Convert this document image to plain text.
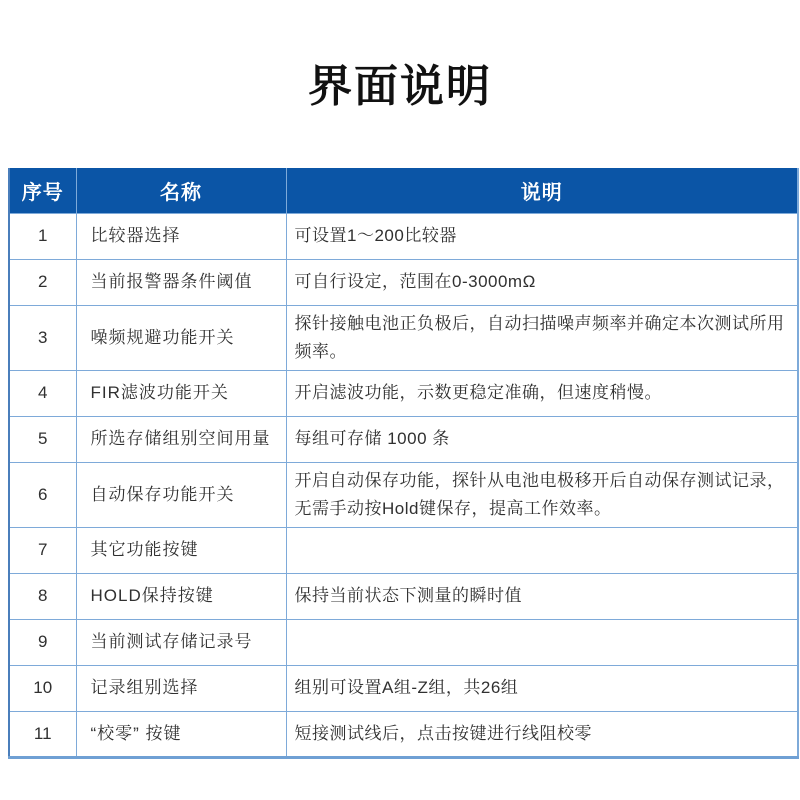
界面说明
序号	名称	说明
1	比较器选择	可设置1～200比较器
2	当前报警器条件阈值	可自行设定，范围在0-3000mΩ
3	噪频规避功能开关	探针接触电池正负极后，自动扫描噪声频率并确定本次测试所用频率。
4	FIR滤波功能开关	开启滤波功能，示数更稳定准确，但速度稍慢。
5	所选存储组别空间用量	每组可存储 1000 条
6	自动保存功能开关	开启自动保存功能，探针从电池电极移开后自动保存测试记录，无需手动按Hold键保存，提高工作效率。
7	其它功能按键	
8	HOLD保持按键	保持当前状态下测量的瞬时值
9	当前测试存储记录号	
10	记录组别选择	组别可设置A组-Z组，共26组
11	“校零” 按键	短接测试线后，点击按键进行线阻校零
